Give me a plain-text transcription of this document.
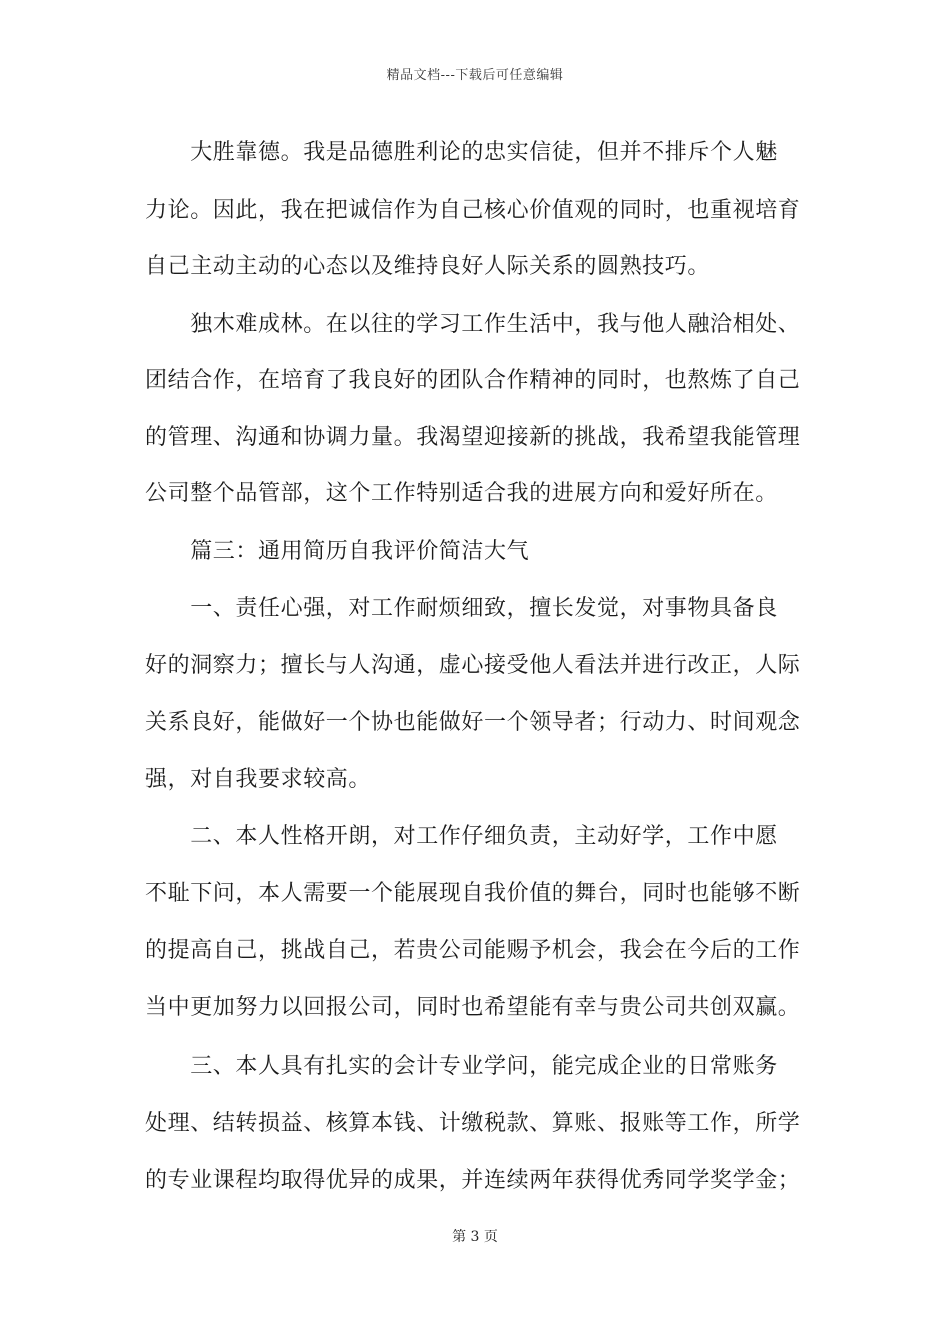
精品文档---下载后可任意编辑
　　大胜靠德。我是品德胜利论的忠实信徒，但并不排斥个人魅
力论。因此，我在把诚信作为自己核心价值观的同时，也重视培育
自己主动主动的心态以及维持良好人际关系的圆熟技巧。
　　独木难成林。在以往的学习工作生活中，我与他人融洽相处、
团结合作，在培育了我良好的团队合作精神的同时，也熬炼了自己
的管理、沟通和协调力量。我渴望迎接新的挑战，我希望我能管理
公司整个品管部，这个工作特别适合我的进展方向和爱好所在。
　　篇三：通用简历自我评价简洁大气
　　一、责任心强，对工作耐烦细致，擅长发觉，对事物具备良
好的洞察力；擅长与人沟通，虚心接受他人看法并进行改正，人际
关系良好，能做好一个协也能做好一个领导者；行动力、时间观念
强，对自我要求较高。
　　二、本人性格开朗，对工作仔细负责，主动好学，工作中愿
不耻下问，本人需要一个能展现自我价值的舞台，同时也能够不断
的提高自己，挑战自己，若贵公司能赐予机会，我会在今后的工作
当中更加努力以回报公司，同时也希望能有幸与贵公司共创双赢。
　　三、本人具有扎实的会计专业学问，能完成企业的日常账务
处理、结转损益、核算本钱、计缴税款、算账、报账等工作，所学
的专业课程均取得优异的成果，并连续两年获得优秀同学奖学金；
第 3 页
